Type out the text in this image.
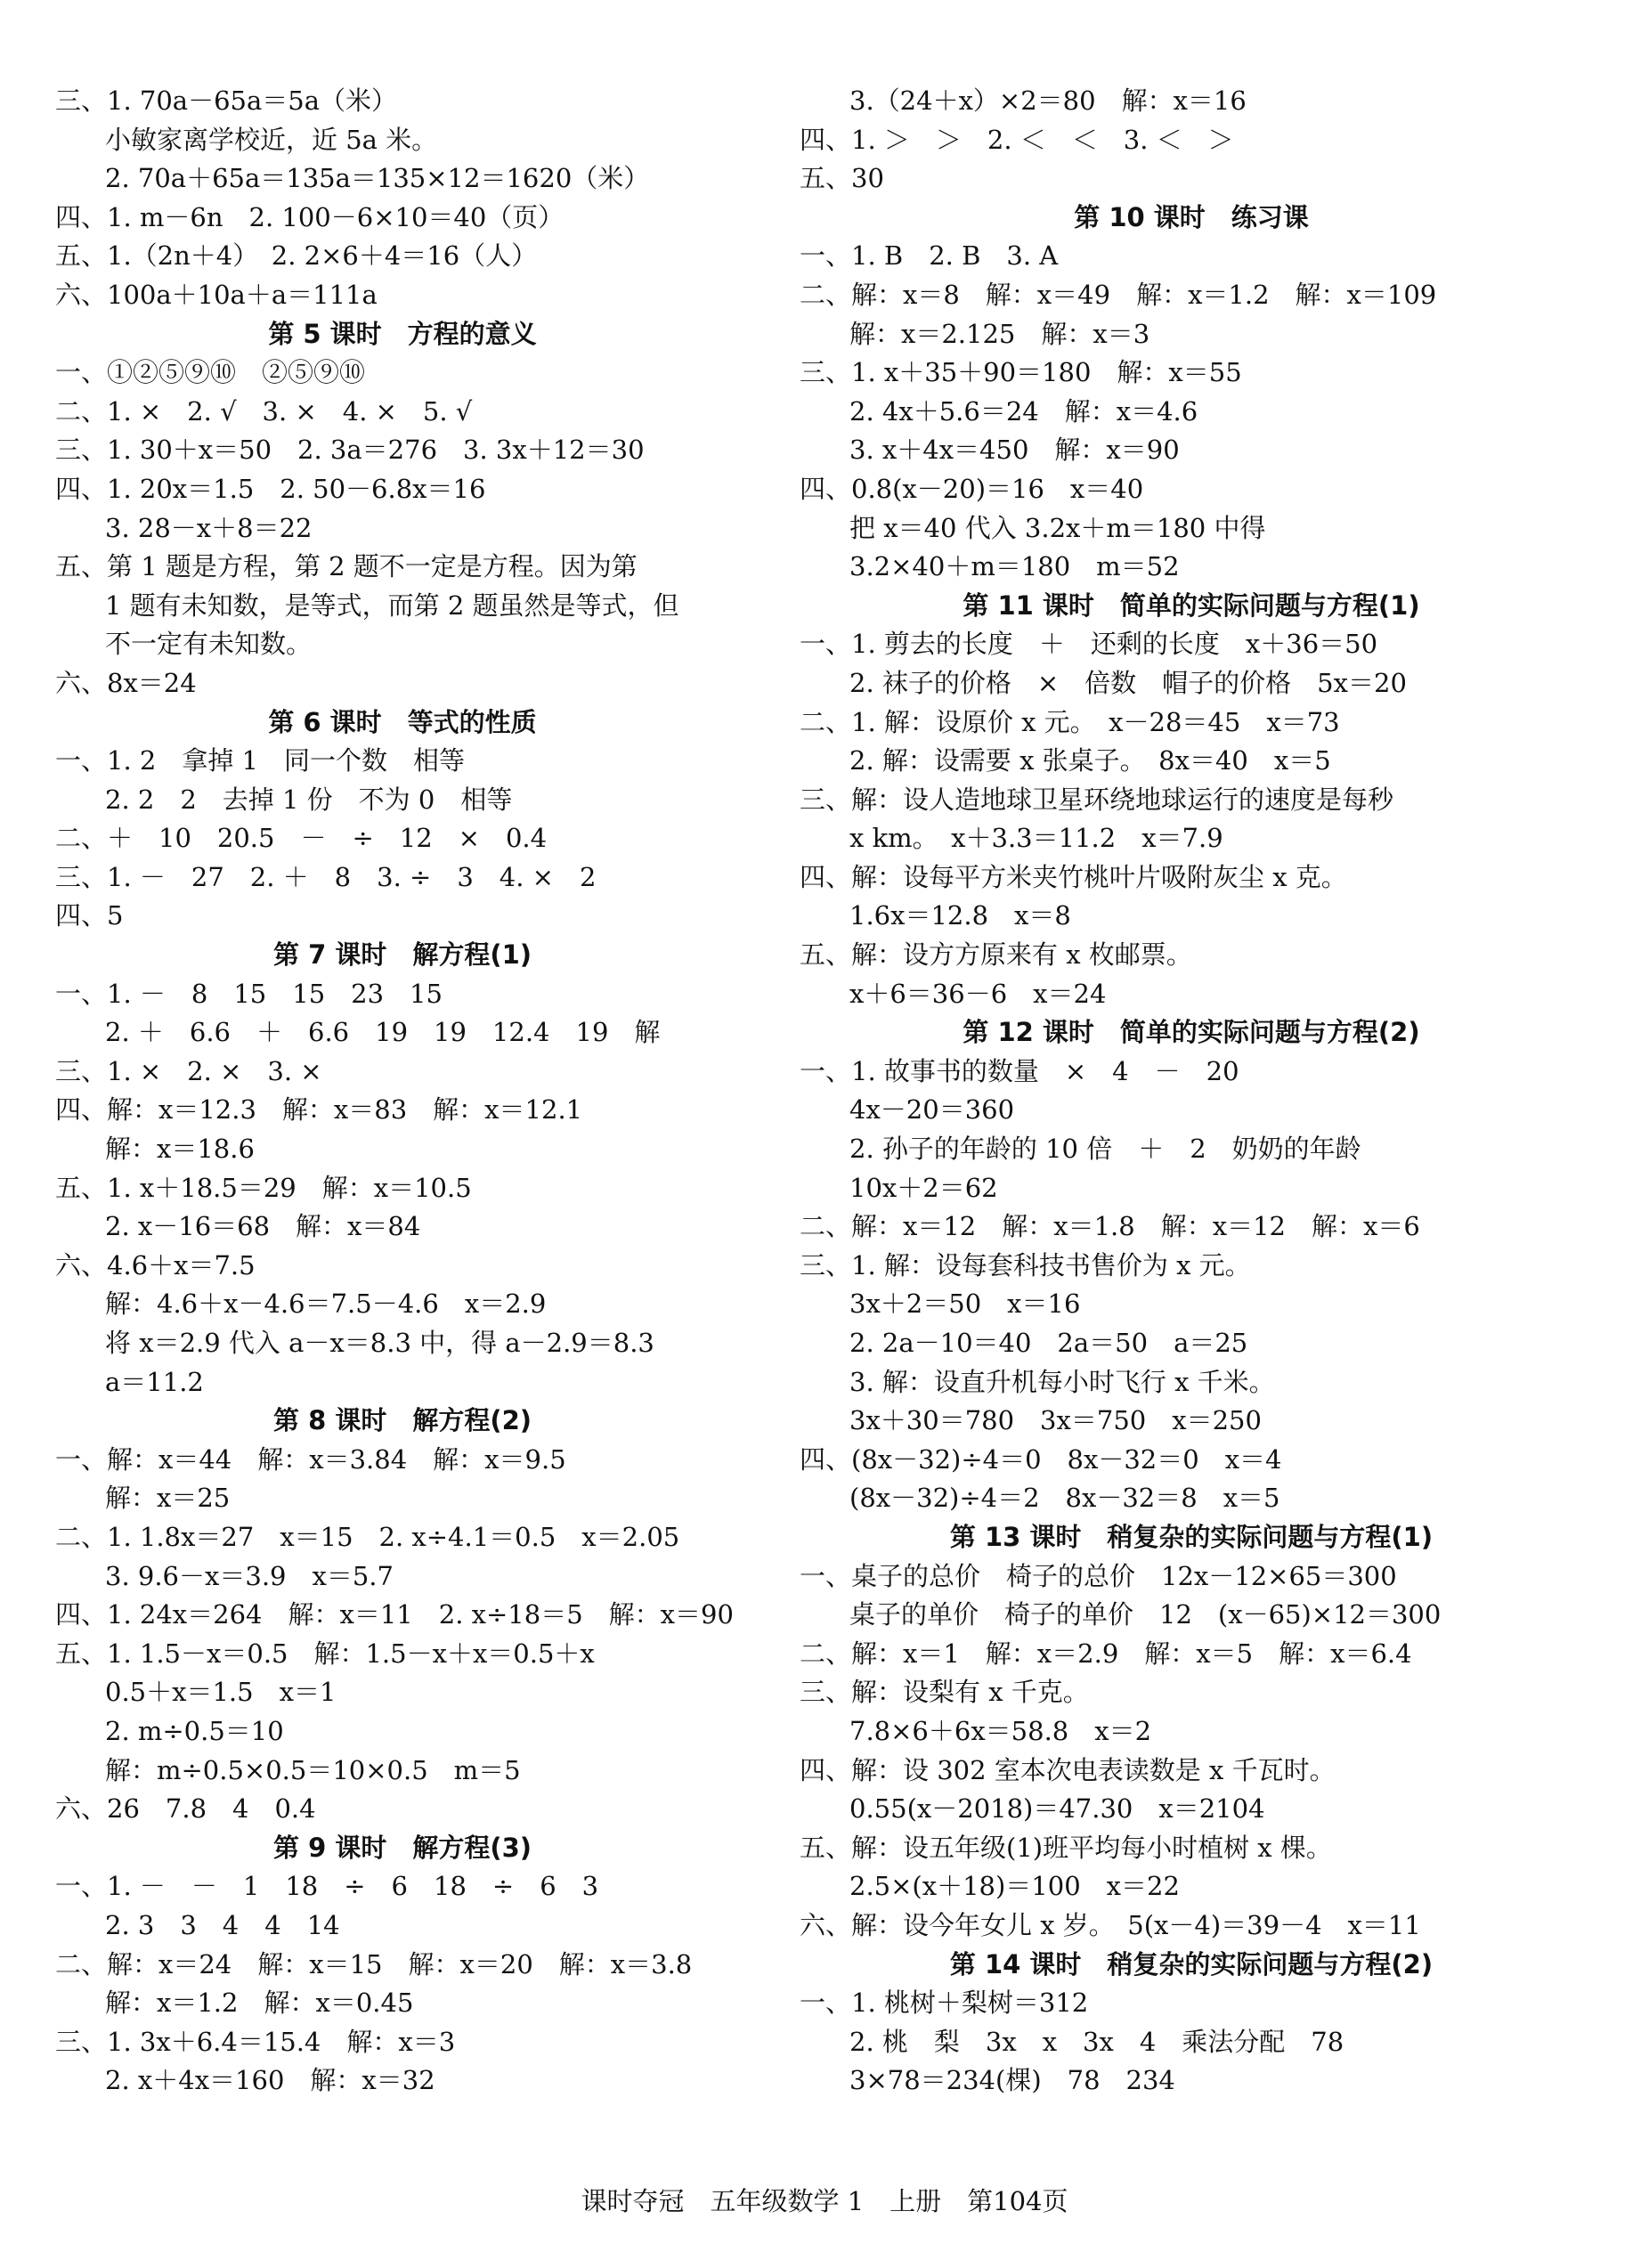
三、1. 70a－65a＝5a（米）
小敏家离学校近，近 5a 米。
2. 70a＋65a＝135a＝135×12＝1620（米）
四、1. m－6n　2. 100－6×10＝40（页）
五、1.（2n＋4）　2. 2×6＋4＝16（人）
六、100a＋10a＋a＝111a
第 5 课时　方程的意义
一、①②⑤⑨⑩　②⑤⑨⑩
二、1. ×　2. √　3. ×　4. ×　5. √
三、1. 30＋x＝50　2. 3a＝276　3. 3x＋12＝30
四、1. 20x＝1.5　2. 50－6.8x＝16
3. 28－x＋8＝22
五、第 1 题是方程，第 2 题不一定是方程。因为第
1 题有未知数，是等式，而第 2 题虽然是等式，但
不一定有未知数。
六、8x＝24
第 6 课时　等式的性质
一、1. 2　拿掉 1　同一个数　相等
2. 2　2　去掉 1 份　不为 0　相等
二、＋　10　20.5　－　÷　12　×　0.4
三、1. －　27　2. ＋　8　3. ÷　3　4. ×　2
四、5
第 7 课时　解方程(1)
一、1. －　8　15　15　23　15
2. ＋　6.6　＋　6.6　19　19　12.4　19　解
三、1. ×　2. ×　3. ×
四、解：x＝12.3　解：x＝83　解：x＝12.1
解：x＝18.6
五、1. x＋18.5＝29　解：x＝10.5
2. x－16＝68　解：x＝84
六、4.6＋x＝7.5
解：4.6＋x－4.6＝7.5－4.6　x＝2.9
将 x＝2.9 代入 a－x＝8.3 中，得 a－2.9＝8.3
a＝11.2
第 8 课时　解方程(2)
一、解：x＝44　解：x＝3.84　解：x＝9.5
解：x＝25
二、1. 1.8x＝27　x＝15　2. x÷4.1＝0.5　x＝2.05
3. 9.6－x＝3.9　x＝5.7
四、1. 24x＝264　解：x＝11　2. x÷18＝5　解：x＝90
五、1. 1.5－x＝0.5　解：1.5－x＋x＝0.5＋x
0.5＋x＝1.5　x＝1
2. m÷0.5＝10
解：m÷0.5×0.5＝10×0.5　m＝5
六、26　7.8　4　0.4
第 9 课时　解方程(3)
一、1. －　－　1　18　÷　6　18　÷　6　3
2. 3　3　4　4　14
二、解：x＝24　解：x＝15　解：x＝20　解：x＝3.8
解：x＝1.2　解：x＝0.45
三、1. 3x＋6.4＝15.4　解：x＝3
2. x＋4x＝160　解：x＝32
3.（24＋x）×2＝80　解：x＝16
四、1. ＞　＞　2. ＜　＜　3. ＜　＞
五、30
第 10 课时　练习课
一、1. B　2. B　3. A
二、解：x＝8　解：x＝49　解：x＝1.2　解：x＝109
解：x＝2.125　解：x＝3
三、1. x＋35＋90＝180　解：x＝55
2. 4x＋5.6＝24　解：x＝4.6
3. x＋4x＝450　解：x＝90
四、0.8(x－20)＝16　x＝40
把 x＝40 代入 3.2x＋m＝180 中得
3.2×40＋m＝180　m＝52
第 11 课时　简单的实际问题与方程(1)
一、1. 剪去的长度　＋　还剩的长度　x＋36＝50
2. 袜子的价格　×　倍数　帽子的价格　5x＝20
二、1. 解：设原价 x 元。　x－28＝45　x＝73
2. 解：设需要 x 张桌子。　8x＝40　x＝5
三、解：设人造地球卫星环绕地球运行的速度是每秒
x km。　x＋3.3＝11.2　x＝7.9
四、解：设每平方米夹竹桃叶片吸附灰尘 x 克。
1.6x＝12.8　x＝8
五、解：设方方原来有 x 枚邮票。
x＋6＝36－6　x＝24
第 12 课时　简单的实际问题与方程(2)
一、1. 故事书的数量　×　4　－　20
4x－20＝360
2. 孙子的年龄的 10 倍　＋　2　奶奶的年龄
10x＋2＝62
二、解：x＝12　解：x＝1.8　解：x＝12　解：x＝6
三、1. 解：设每套科技书售价为 x 元。
3x＋2＝50　x＝16
2. 2a－10＝40　2a＝50　a＝25
3. 解：设直升机每小时飞行 x 千米。
3x＋30＝780　3x＝750　x＝250
四、(8x－32)÷4＝0　8x－32＝0　x＝4
(8x－32)÷4＝2　8x－32＝8　x＝5
第 13 课时　稍复杂的实际问题与方程(1)
一、桌子的总价　椅子的总价　12x－12×65＝300
桌子的单价　椅子的单价　12　(x－65)×12＝300
二、解：x＝1　解：x＝2.9　解：x＝5　解：x＝6.4
三、解：设梨有 x 千克。
7.8×6＋6x＝58.8　x＝2
四、解：设 302 室本次电表读数是 x 千瓦时。
0.55(x－2018)＝47.30　x＝2104
五、解：设五年级(1)班平均每小时植树 x 棵。
2.5×(x＋18)＝100　x＝22
六、解：设今年女儿 x 岁。　5(x－4)＝39－4　x＝11
第 14 课时　稍复杂的实际问题与方程(2)
一、1. 桃树＋梨树＝312
2. 桃　梨　3x　x　3x　4　乘法分配　78
3×78＝234(棵)　78　234
课时夺冠　五年级数学 1　上册　第104页
